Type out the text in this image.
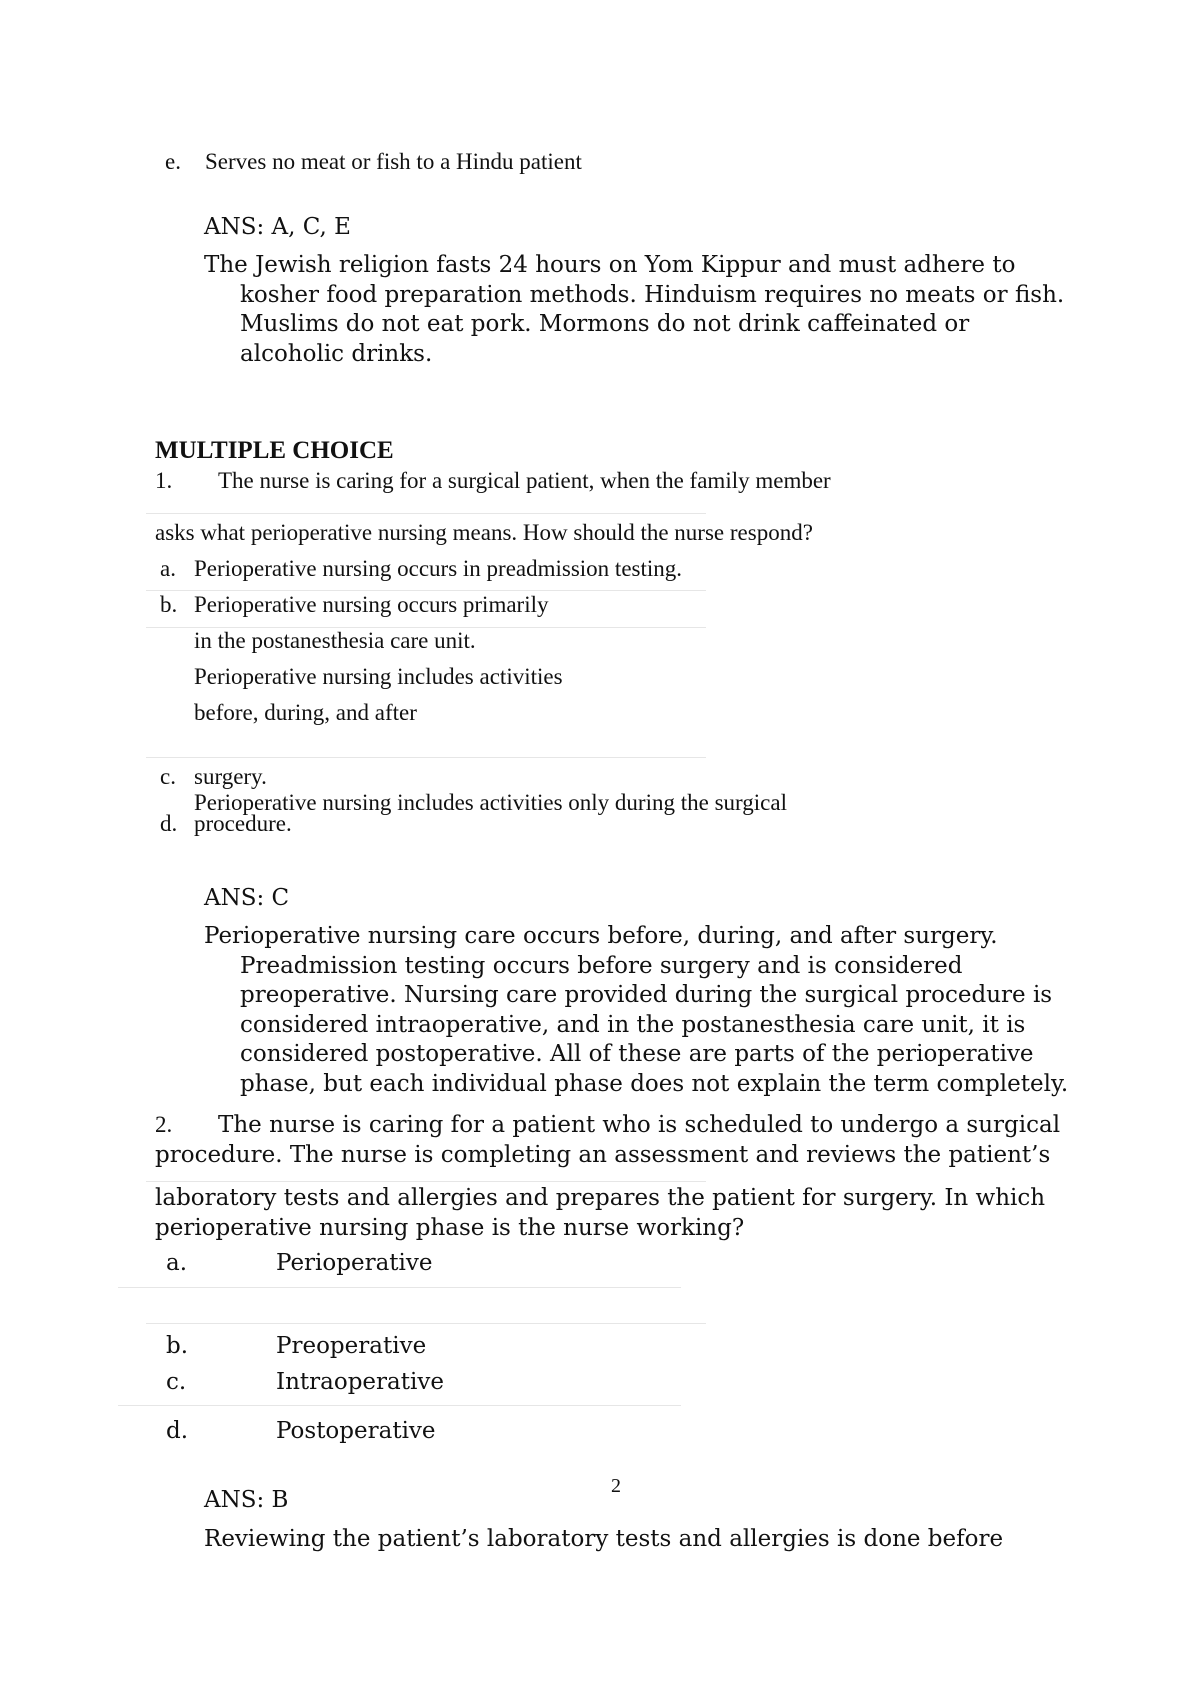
e. Serves no meat or fish to a Hindu patient
ANS: A, C, E

The Jewish religion fasts 24 hours on Yom Kippur and must adhere to

kosher food preparation methods. Hinduism requires no meats or fish.

Muslims do not eat pork. Mormons do not drink caffeinated or

alcoholic drinks.

MULTIPLE CHOICE
1. The nurse is caring for a surgical patient, when the family member
asks what perioperative nursing means. How should the nurse respond?
a. Perioperative nursing occurs in preadmission testing.
b. Perioperative nursing occurs primarily
in the postanesthesia care unit.
Perioperative nursing includes activities
before, during, and after
c. surgery.
Perioperative nursing includes activities only during the surgical
d. procedure.
ANS: C

Perioperative nursing care occurs before, during, and after surgery.

Preadmission testing occurs before surgery and is considered

preoperative. Nursing care provided during the surgical procedure is

considered intraoperative, and in the postanesthesia care unit, it is

considered postoperative. All of these are parts of the perioperative

phase, but each individual phase does not explain the term completely.

2. The nurse is caring for a patient who is scheduled to undergo a surgical
procedure. The nurse is completing an assessment and reviews the patient’s
laboratory tests and allergies and prepares the patient for surgery. In which
perioperative nursing phase is the nurse working?
a.	Perioperative
b.	Preoperative
c.	Intraoperative
d.	Postoperative
2
ANS: B
Reviewing the patient’s laboratory tests and allergies is done before
